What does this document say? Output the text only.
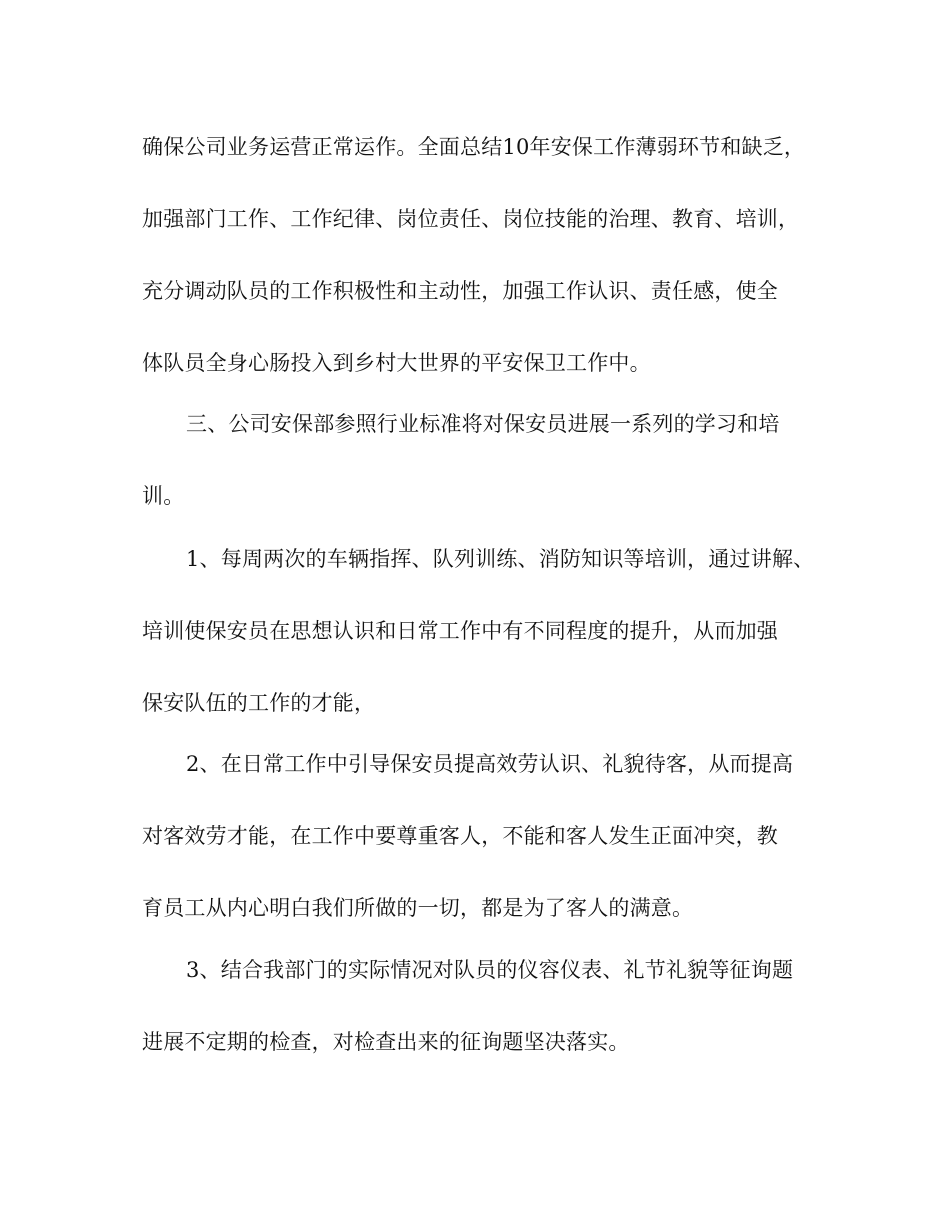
确保公司业务运营正常运作。全面总结10年安保工作薄弱环节和缺乏，
加强部门工作、工作纪律、岗位责任、岗位技能的治理、教育、培训，
充分调动队员的工作积极性和主动性，加强工作认识、责任感，使全
体队员全身心肠投入到乡村大世界的平安保卫工作中。
三、公司安保部参照行业标准将对保安员进展一系列的学习和培
训。
1、每周两次的车辆指挥、队列训练、消防知识等培训，通过讲解、
培训使保安员在思想认识和日常工作中有不同程度的提升，从而加强
保安队伍的工作的才能，
2、在日常工作中引导保安员提高效劳认识、礼貌待客，从而提高
对客效劳才能，在工作中要尊重客人，不能和客人发生正面冲突，教
育员工从内心明白我们所做的一切，都是为了客人的满意。
3、结合我部门的实际情况对队员的仪容仪表、礼节礼貌等征询题
进展不定期的检查，对检查出来的征询题坚决落实。
